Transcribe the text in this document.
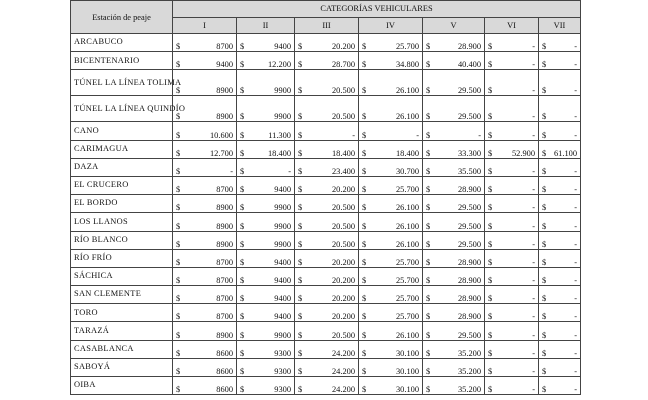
Estación de peaje	CATEGORÍAS VEHICULARES						
	I	II	III	IV	V	VI	VII
ARCABUCO	$ 8700	$ 9400	$ 20.200	$ 25.700	$ 28.900	$ -	$ -

BICENTENARIO	$ 9400	$ 12.200	$ 28.700	$ 34.800	$ 40.400	$ -	$ -

TÚNEL LA LÍNEA TOLIMA	$ 8900	$ 9900	$ 20.500	$ 26.100	$ 29.500	$ -	$ -

TÚNEL LA LÍNEA QUINDÍO	$ 8900	$ 9900	$ 20.500	$ 26.100	$ 29.500	$ -	$ -

CANO	$ 10.600	$ 11.300	$ -	$ -	$ -	$ -	$ -

CARIMAGUA	$ 12.700	$ 18.400	$ 18.400	$ 18.400	$ 33.300	$ 52.900	$ 61.100

DAZA	$ -	$ -	$ 23.400	$ 30.700	$ 35.500	$ -	$ -

EL CRUCERO	$ 8700	$ 9400	$ 20.200	$ 25.700	$ 28.900	$ -	$ -

EL BORDO	$ 8900	$ 9900	$ 20.500	$ 26.100	$ 29.500	$ -	$ -

LOS LLANOS	$ 8900	$ 9900	$ 20.500	$ 26.100	$ 29.500	$ -	$ -

RÍO BLANCO	$ 8900	$ 9900	$ 20.500	$ 26.100	$ 29.500	$ -	$ -

RÍO FRÍO	$ 8700	$ 9400	$ 20.200	$ 25.700	$ 28.900	$ -	$ -

SÁCHICA	$ 8700	$ 9400	$ 20.200	$ 25.700	$ 28.900	$ -	$ -

SAN CLEMENTE	$ 8700	$ 9400	$ 20.200	$ 25.700	$ 28.900	$ -	$ -

TORO	$ 8700	$ 9400	$ 20.200	$ 25.700	$ 28.900	$ -	$ -

TARAZÁ	$ 8900	$ 9900	$ 20.500	$ 26.100	$ 29.500	$ -	$ -

CASABLANCA	$ 8600	$ 9300	$ 24.200	$ 30.100	$ 35.200	$ -	$ -

SABOYÁ	$ 8600	$ 9300	$ 24.200	$ 30.100	$ 35.200	$ -	$ -

OIBA	$ 8600	$ 9300	$ 24.200	$ 30.100	$ 35.200	$ -	$ -
